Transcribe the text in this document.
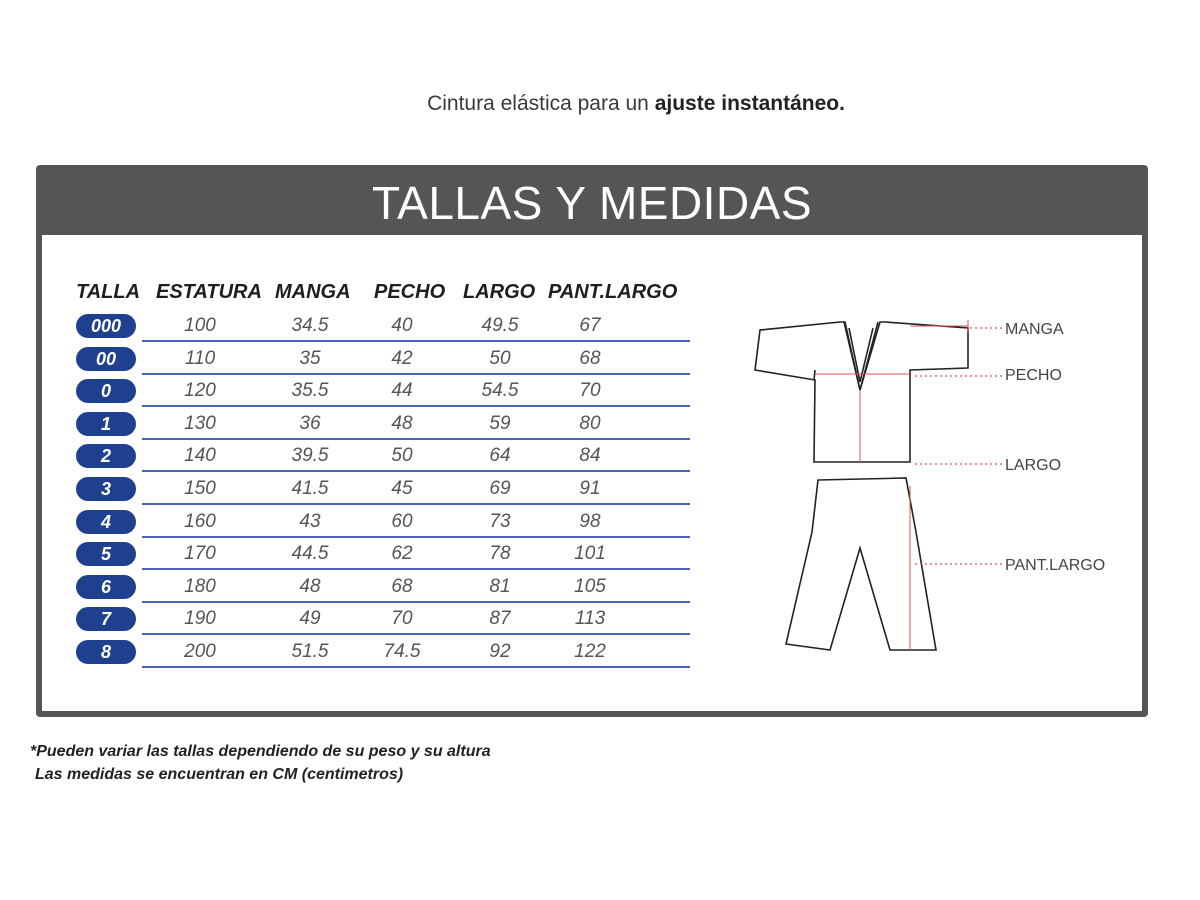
Cintura elástica para un ajuste instantáneo.
TALLAS Y MEDIDAS
TALLA ESTATURA MANGA PECHO LARGO PANT.LARGO
000	100	34.5	40	49.5	67
00	110	35	42	50	68
0	120	35.5	44	54.5	70
1	130	36	48	59	80
2	140	39.5	50	64	84
3	150	41.5	45	69	91
4	160	43	60	73	98
5	170	44.5	62	78	101
6	180	48	68	81	105
7	190	49	70	87	113
8	200	51.5	74.5	92	122
MANGA
PECHO
LARGO
PANT.LARGO
*Pueden variar las tallas dependiendo de su peso y su altura
Las medidas se encuentran en CM (centimetros)
